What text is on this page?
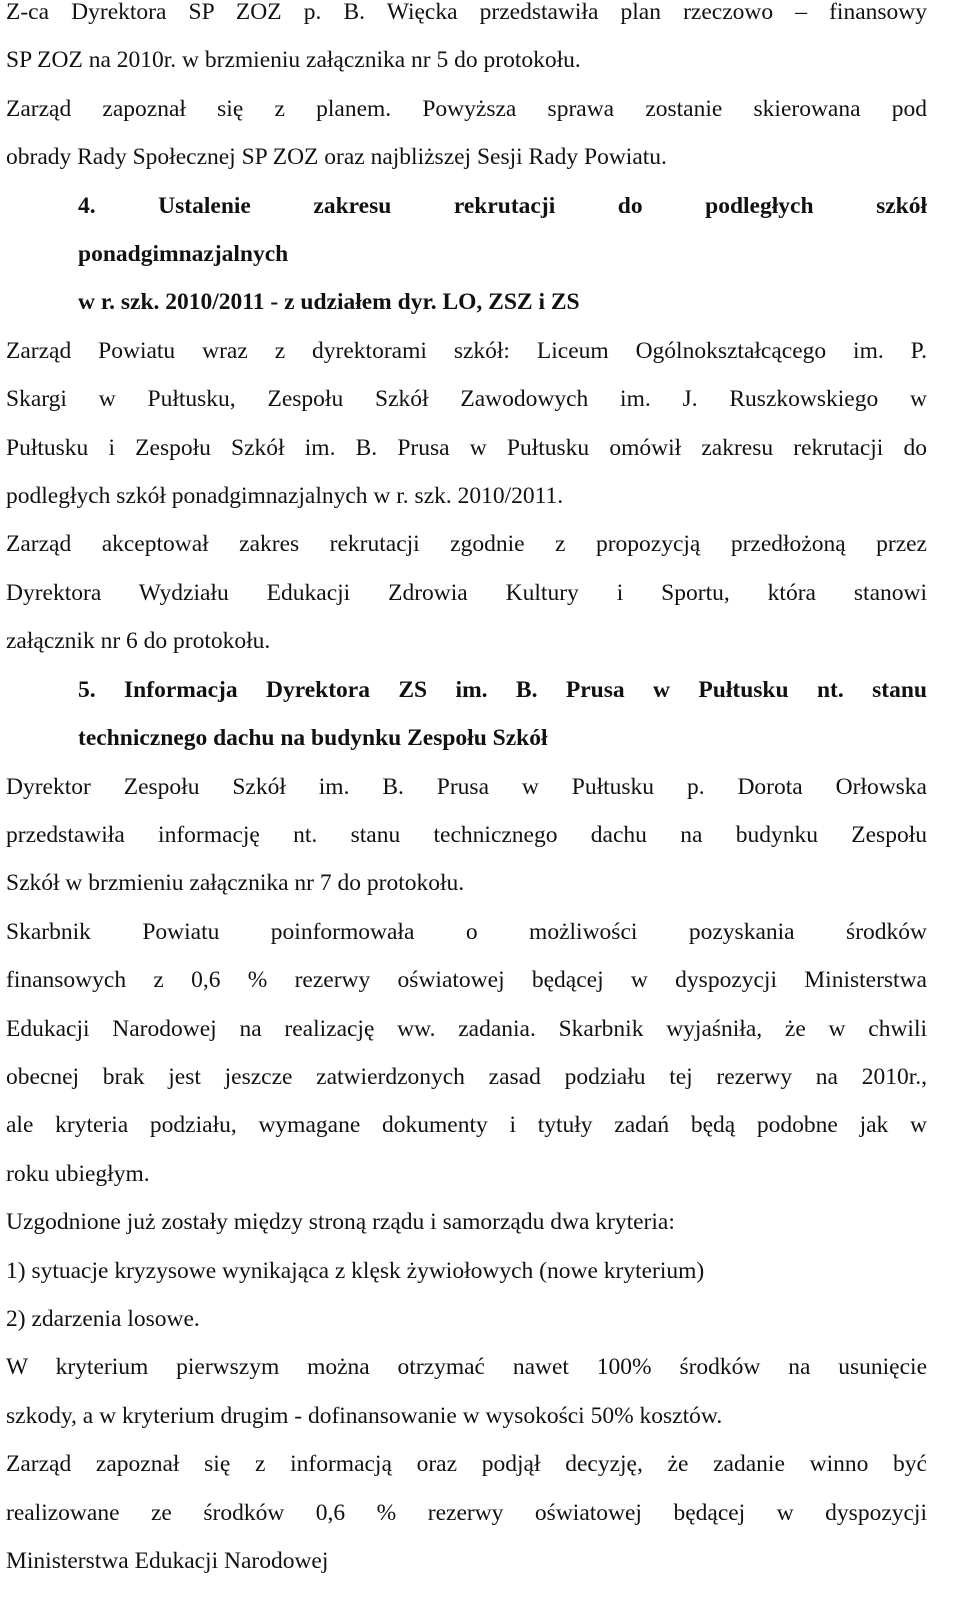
Z-ca Dyrektora SP ZOZ p. B. Więcka przedstawiła plan rzeczowo – finansowy
SP ZOZ na 2010r. w brzmieniu załącznika nr 5 do protokołu.
Zarząd zapoznał się z planem. Powyższa sprawa zostanie skierowana pod
obrady Rady Społecznej SP ZOZ oraz najbliższej Sesji Rady Powiatu.
4. Ustalenie zakresu rekrutacji do podległych szkół
ponadgimnazjalnych
w r. szk. 2010/2011 - z udziałem dyr. LO, ZSZ i ZS
Zarząd Powiatu wraz z dyrektorami szkół: Liceum Ogólnokształcącego im. P.
Skargi w Pułtusku, Zespołu Szkół Zawodowych im. J. Ruszkowskiego w
Pułtusku i Zespołu Szkół im. B. Prusa w Pułtusku omówił zakresu rekrutacji do
podległych szkół ponadgimnazjalnych w r. szk. 2010/2011.
Zarząd akceptował zakres rekrutacji zgodnie z propozycją przedłożoną przez
Dyrektora Wydziału Edukacji Zdrowia Kultury i Sportu, która stanowi
załącznik nr 6 do protokołu.
5. Informacja Dyrektora ZS im. B. Prusa w Pułtusku nt. stanu
technicznego dachu na budynku Zespołu Szkół
Dyrektor Zespołu Szkół im. B. Prusa w Pułtusku p. Dorota Orłowska
przedstawiła informację nt. stanu technicznego dachu na budynku Zespołu
Szkół w brzmieniu załącznika nr 7 do protokołu.
Skarbnik Powiatu poinformowała o możliwości pozyskania środków
finansowych z 0,6 % rezerwy oświatowej będącej w dyspozycji Ministerstwa
Edukacji Narodowej na realizację ww. zadania. Skarbnik wyjaśniła, że w chwili
obecnej brak jest jeszcze zatwierdzonych zasad podziału tej rezerwy na 2010r.,
ale kryteria podziału, wymagane dokumenty i tytuły zadań będą podobne jak w
roku ubiegłym.
Uzgodnione już zostały między stroną rządu i samorządu dwa kryteria:
1) sytuacje kryzysowe wynikająca z klęsk żywiołowych (nowe kryterium)
2) zdarzenia losowe.
W kryterium pierwszym można otrzymać nawet 100% środków na usunięcie
szkody, a w kryterium drugim - dofinansowanie w wysokości 50% kosztów.
Zarząd zapoznał się z informacją oraz podjął decyzję, że zadanie winno być
realizowane ze środków 0,6 % rezerwy oświatowej będącej w dyspozycji
Ministerstwa Edukacji Narodowej
